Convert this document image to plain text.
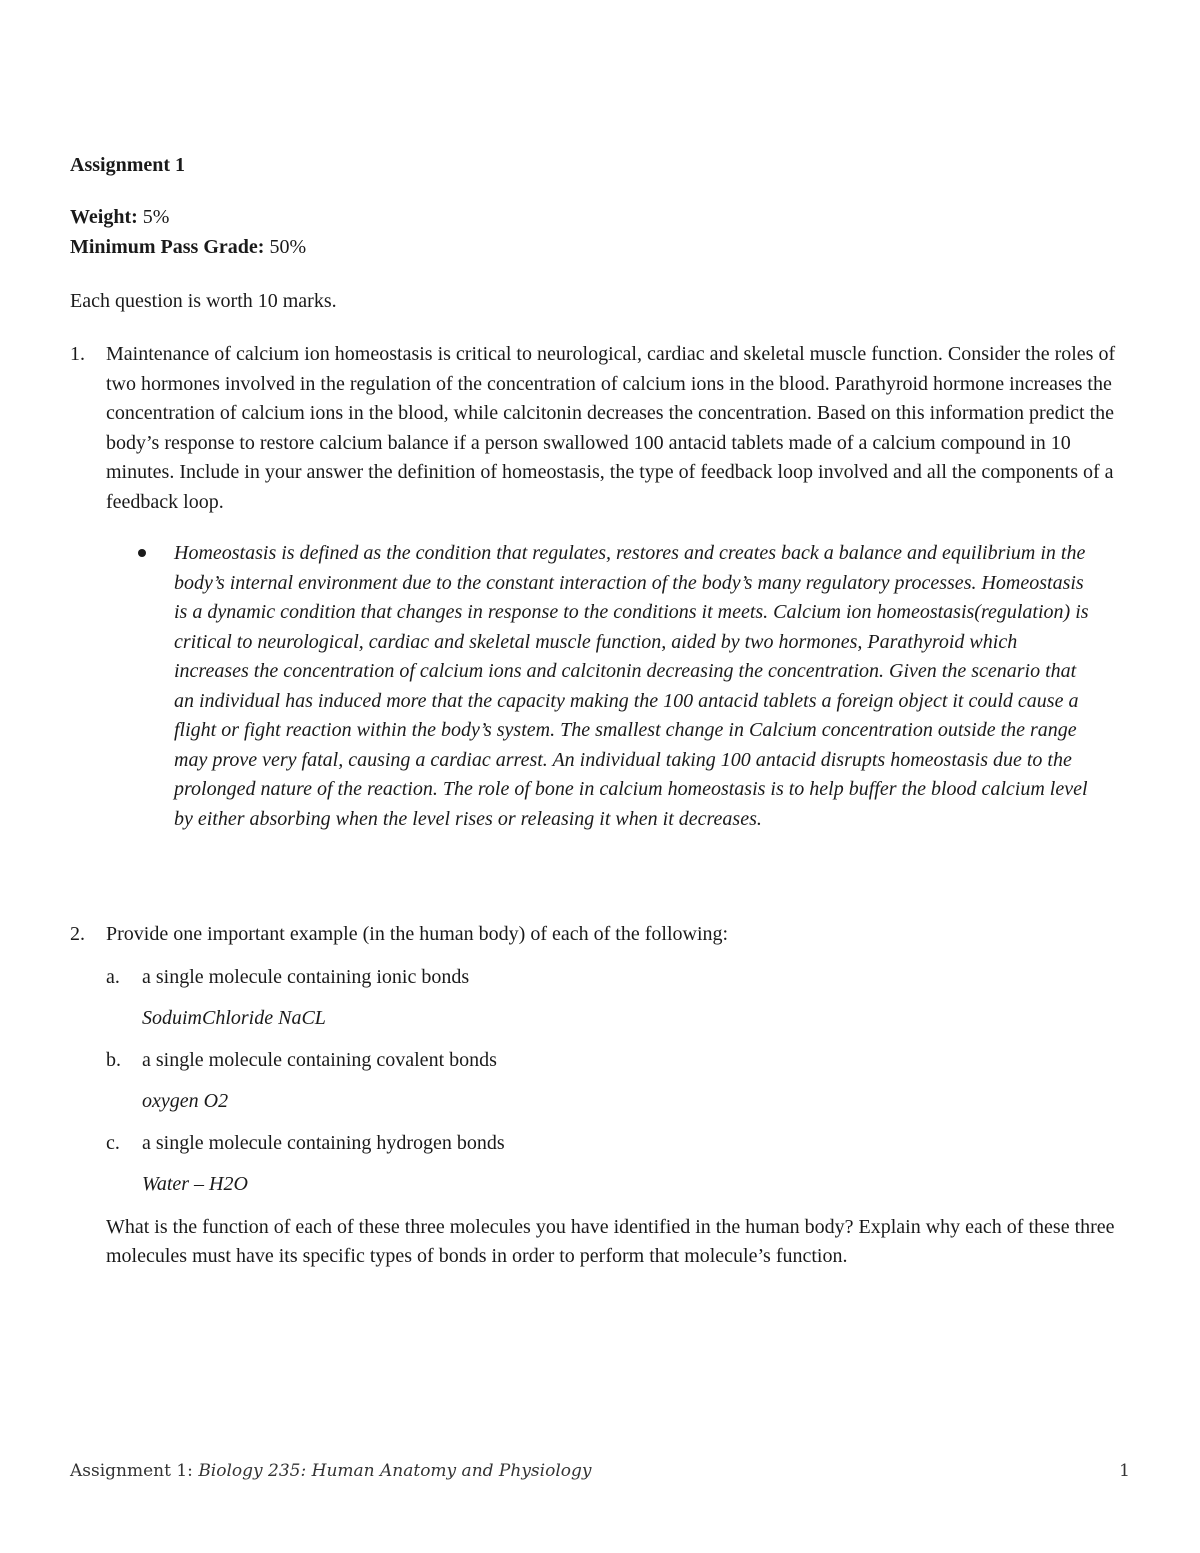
Assignment 1
Weight: 5%
Minimum Pass Grade: 50%
Each question is worth 10 marks.
1. Maintenance of calcium ion homeostasis is critical to neurological, cardiac and skeletal muscle function. Consider the roles of two hormones involved in the regulation of the concentration of calcium ions in the blood. Parathyroid hormone increases the concentration of calcium ions in the blood, while calcitonin decreases the concentration. Based on this information predict the body’s response to restore calcium balance if a person swallowed 100 antacid tablets made of a calcium compound in 10 minutes. Include in your answer the definition of homeostasis, the type of feedback loop involved and all the components of a feedback loop.
Homeostasis is defined as the condition that regulates, restores and creates back a balance and equilibrium in the body’s internal environment due to the constant interaction of the body’s many regulatory processes. Homeostasis is a dynamic condition that changes in response to the conditions it meets. Calcium ion homeostasis(regulation) is critical to neurological, cardiac and skeletal muscle function, aided by two hormones, Parathyroid which increases the concentration of calcium ions and calcitonin decreasing the concentration. Given the scenario that an individual has induced more that the capacity making the 100 antacid tablets a foreign object it could cause a flight or fight reaction within the body’s system. The smallest change in Calcium concentration outside the range may prove very fatal, causing a cardiac arrest. An individual taking 100 antacid disrupts homeostasis due to the prolonged nature of the reaction. The role of bone in calcium homeostasis is to help buffer the blood calcium level by either absorbing when the level rises or releasing it when it decreases.
2. Provide one important example (in the human body) of each of the following:
a. a single molecule containing ionic bonds
SoduimChloride NaCL
b. a single molecule containing covalent bonds
oxygen O2
c. a single molecule containing hydrogen bonds
Water – H2O
What is the function of each of these three molecules you have identified in the human body? Explain why each of these three molecules must have its specific types of bonds in order to perform that molecule’s function.
Assignment 1: Biology 235: Human Anatomy and Physiology	1
